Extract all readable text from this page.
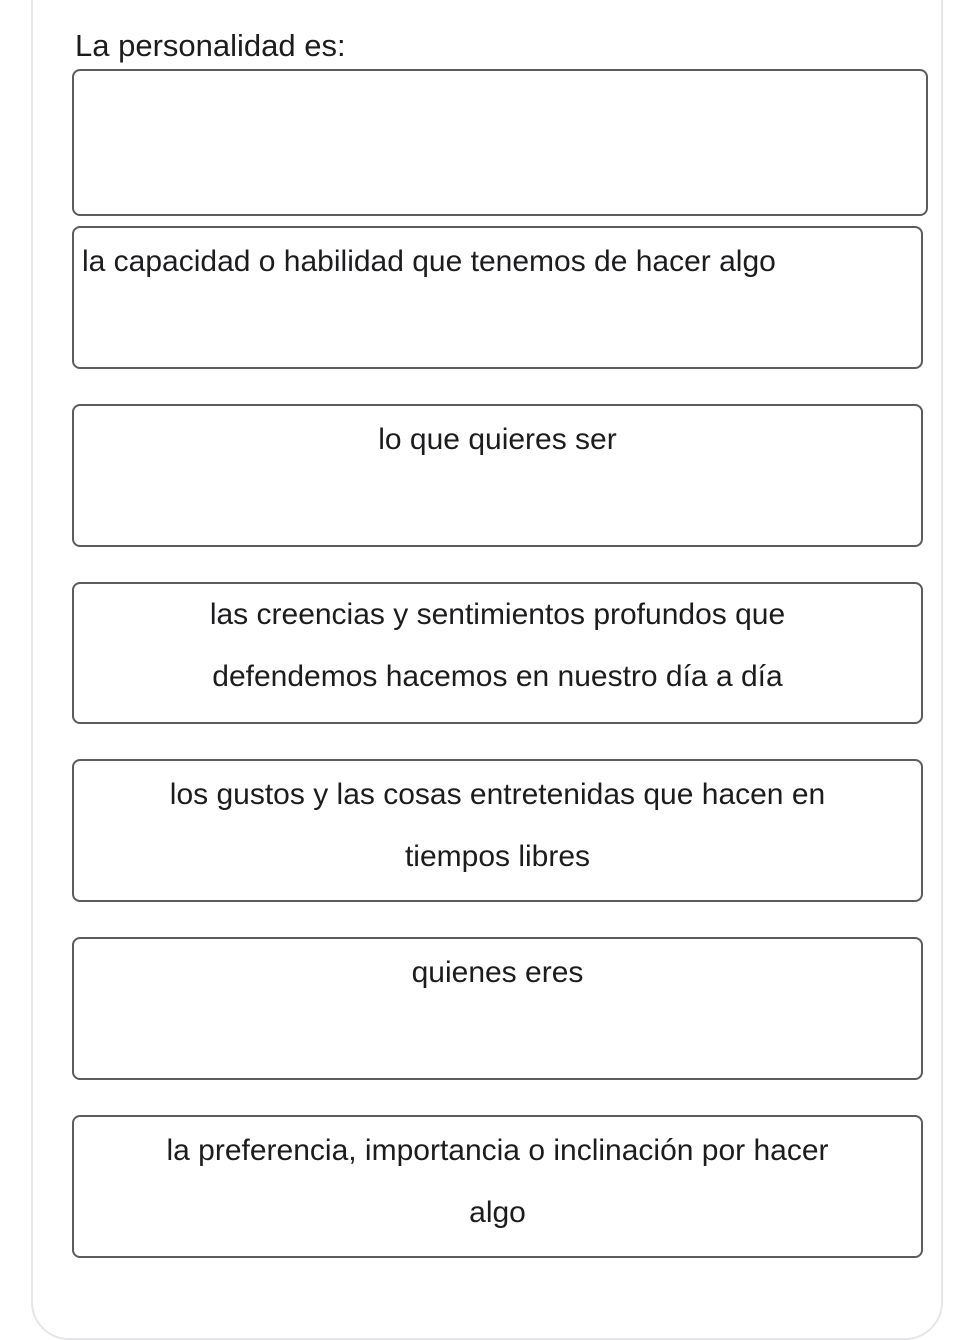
La personalidad es:
la capacidad o habilidad que tenemos de hacer algo
lo que quieres ser
las creencias y sentimientos profundos que
defendemos hacemos en nuestro día a día
los gustos y las cosas entretenidas que hacen en
tiempos libres
quienes eres
la preferencia, importancia o inclinación por hacer
algo
